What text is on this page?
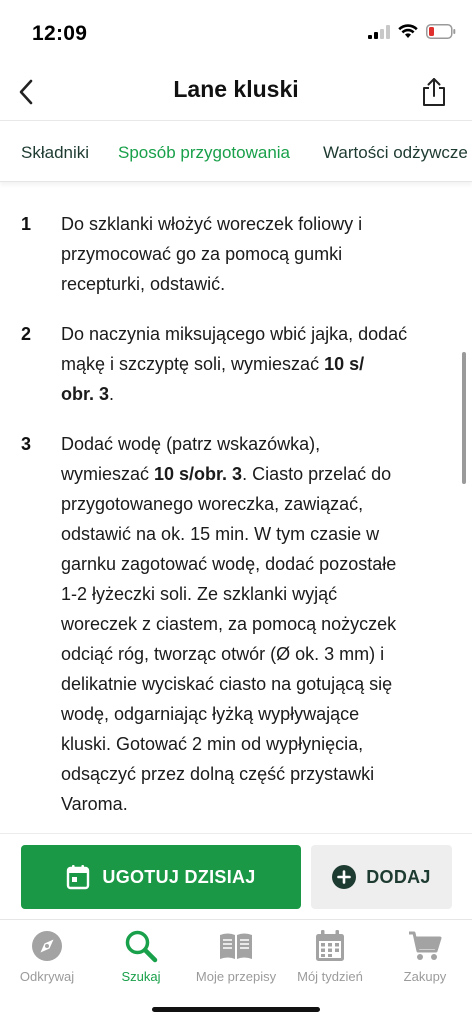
12:09
Lane kluski
Składniki Sposób przygotowania Wartości odżywcze
1 Do szklanki włożyć woreczek foliowy i
przymocować go za pomocą gumki
recepturki, odstawić.
2 Do naczynia miksującego wbić jajka, dodać
mąkę i szczyptę soli, wymieszać 10 s/
obr. 3.
3 Dodać wodę (patrz wskazówka),
wymieszać 10 s/obr. 3. Ciasto przelać do
przygotowanego woreczka, zawiązać,
odstawić na ok. 15 min. W tym czasie w
garnku zagotować wodę, dodać pozostałe
1-2 łyżeczki soli. Ze szklanki wyjąć
woreczek z ciastem, za pomocą nożyczek
odciąć róg, tworząc otwór (Ø ok. 3 mm) i
delikatnie wyciskać ciasto na gotującą się
wodę, odgarniając łyżką wypływające
kluski. Gotować 2 min od wypłynięcia,
odsączyć przez dolną część przystawki
Varoma.
UGOTUJ DZISIAJ	DODAJ
Odkrywaj	Szukaj	Moje przepisy	Mój tydzień	Zakupy
